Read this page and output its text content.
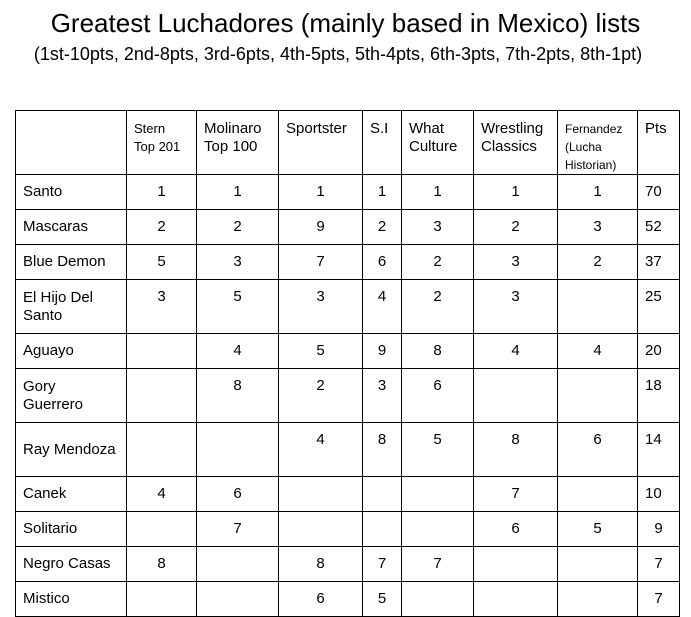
Greatest Luchadores (mainly based in Mexico) lists
(1st-10pts, 2nd-8pts, 3rd-6pts, 4th-5pts, 5th-4pts, 6th-3pts, 7th-2pts, 8th-1pt)
	Stern Top 201	Molinaro Top 100	Sportster	S.I	What Culture	Wrestling Classics	Fernandez (Lucha Historian)	Pts
Santo	1	1	1	1	1	1	1	70
Mascaras	2	2	9	2	3	2	3	52
Blue Demon	5	3	7	6	2	3	2	37
El Hijo Del Santo	3	5	3	4	2	3		25
Aguayo		4	5	9	8	4	4	20
Gory Guerrero		8	2	3	6			18
Ray Mendoza			4	8	5	8	6	14
Canek	4	6				7		10
Solitario		7				6	5	9
Negro Casas	8		8	7	7			7
Mistico			6	5				7
